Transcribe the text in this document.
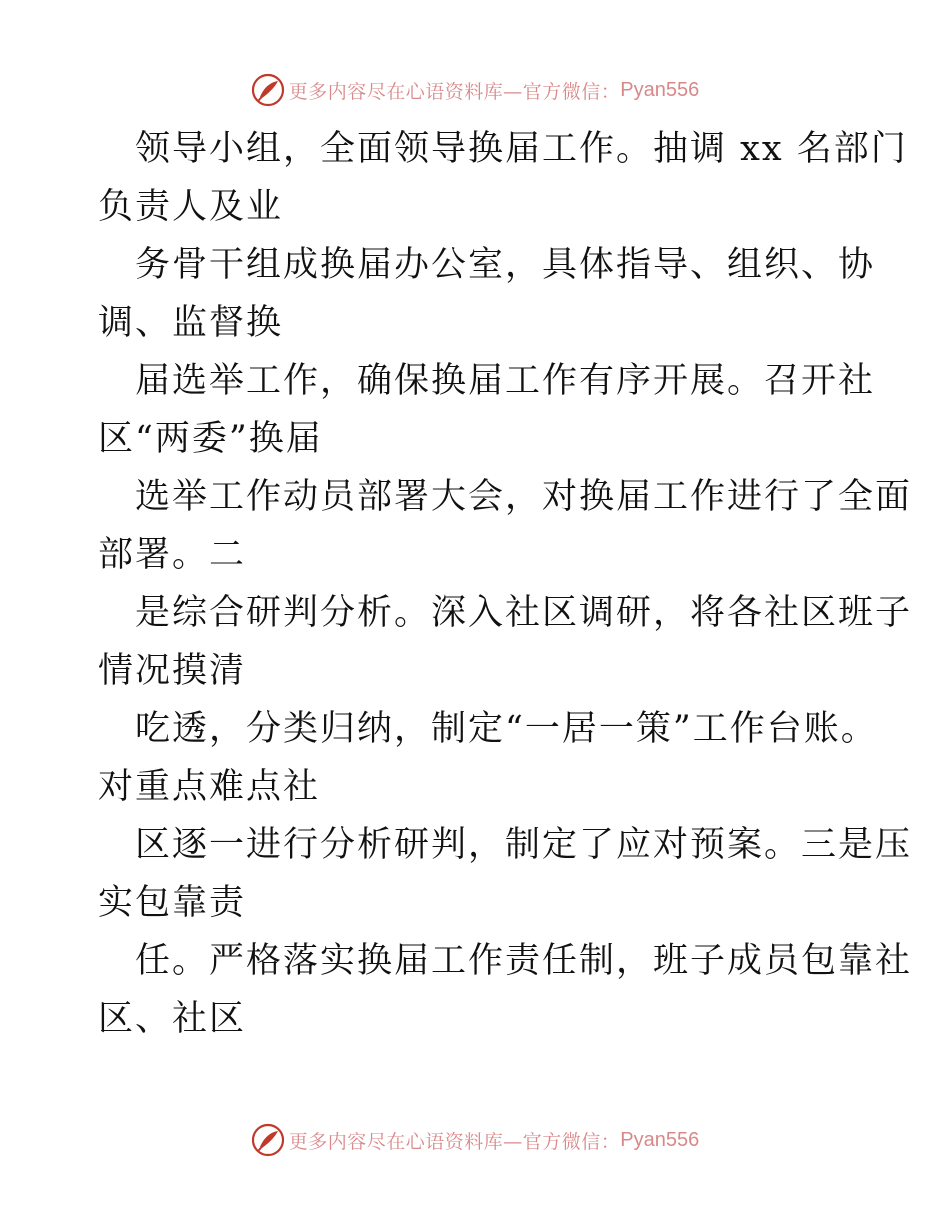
更多内容尽在心语资料库—官方微信： Pyan556

领导小组，全面领导换届工作。抽调 xx 名部门
负责人及业

务骨干组成换届办公室，具体指导、组织、协
调、监督换

届选举工作，确保换届工作有序开展。召开社
区“两委”换届

选举工作动员部署大会，对换届工作进行了全面
部署。二

是综合研判分析。深入社区调研，将各社区班子
情况摸清

吃透，分类归纳，制定“一居一策”工作台账。
对重点难点社

区逐一进行分析研判，制定了应对预案。三是压
实包靠责

任。严格落实换届工作责任制，班子成员包靠社
区、社区

更多内容尽在心语资料库—官方微信： Pyan556
